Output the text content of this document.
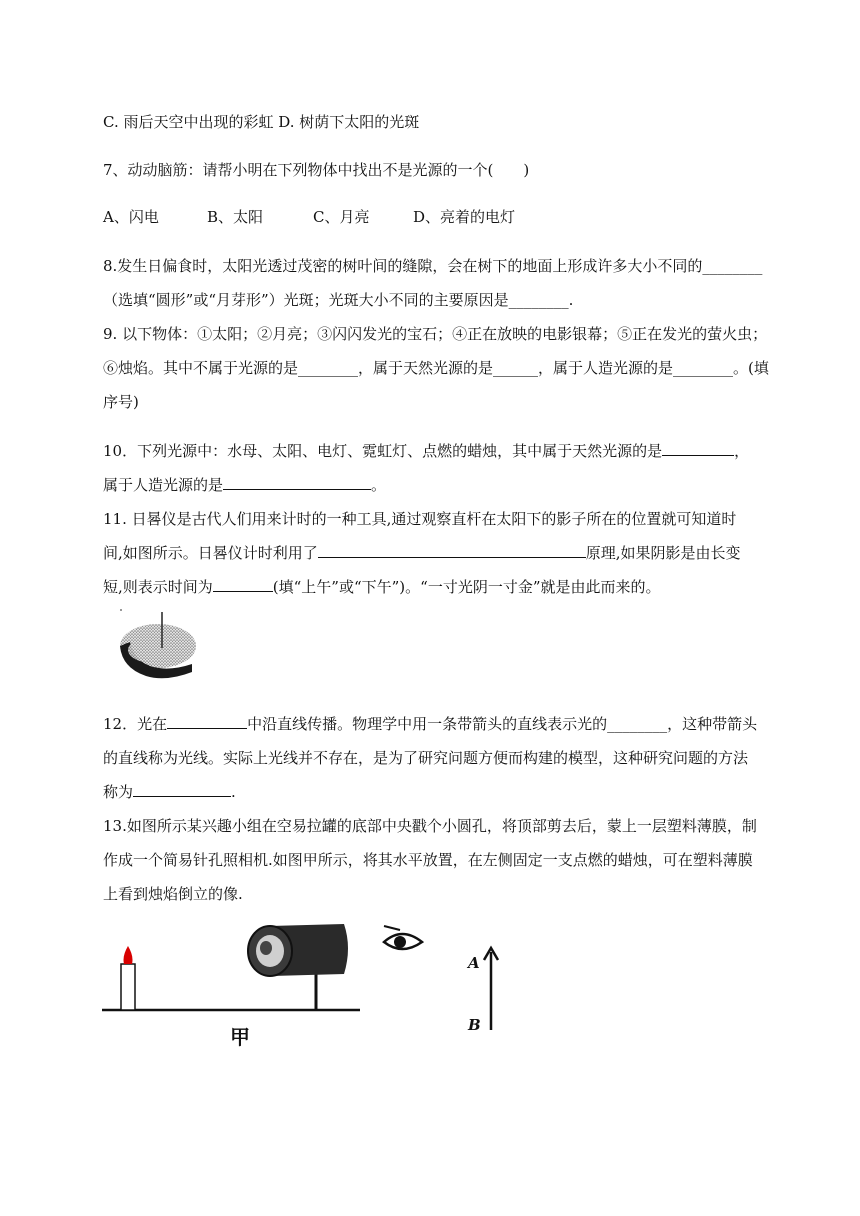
C. 雨后天空中出现的彩虹 D. 树荫下太阳的光斑
7、动动脑筋：请帮小明在下列物体中找出不是光源的一个(　　)
A、闪电	B、太阳	C、月亮	D、亮着的电灯
8.发生日偏食时，太阳光透过茂密的树叶间的缝隙，会在树下的地面上形成许多大小不同的________
（选填“圆形”或“月芽形”）光斑；光斑大小不同的主要原因是________.
9. 以下物体：①太阳；②月亮；③闪闪发光的宝石；④正在放映的电影银幕；⑤正在发光的萤火虫；
⑥烛焰。其中不属于光源的是________，属于天然光源的是______，属于人造光源的是________。(填
序号)
10．下列光源中：水母、太阳、电灯、霓虹灯、点燃的蜡烛，其中属于天然光源的是	，
属于人造光源的是	。
11. 日晷仪是古代人们用来计时的一种工具,通过观察直杆在太阳下的影子所在的位置就可知道时
间,如图所示。日晷仪计时利用了	原理,如果阴影是由长变
短,则表示时间为	(填“上午”或“下午”)。“一寸光阴一寸金”就是由此而来的。
12．光在	中沿直线传播。物理学中用一条带箭头的直线表示光的________，这种带箭头
的直线称为光线。实际上光线并不存在，是为了研究问题方便而构建的模型，这种研究问题的方法
称为	.
13.如图所示某兴趣小组在空易拉罐的底部中央戳个小圆孔，将顶部剪去后，蒙上一层塑料薄膜，制
作成一个简易针孔照相机.如图甲所示，将其水平放置，在左侧固定一支点燃的蜡烛，可在塑料薄膜
上看到烛焰倒立的像.
A
B
甲
